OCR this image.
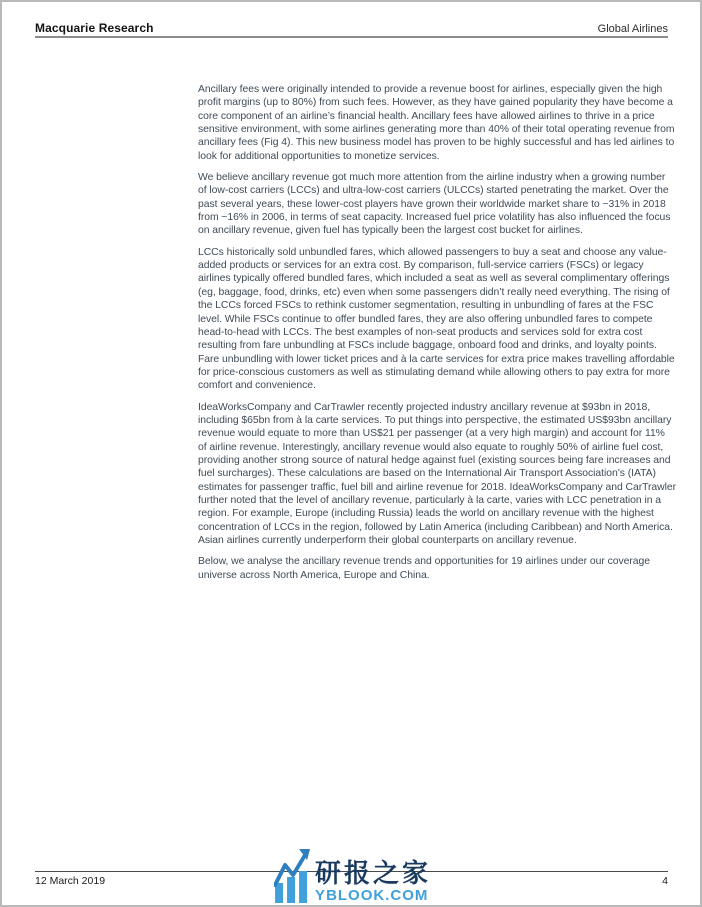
Macquarie Research	Global Airlines

Ancillary fees were originally intended to provide a revenue boost for airlines, especially given the high profit margins (up to 80%) from such fees. However, as they have gained popularity they have become a core component of an airline’s financial health. Ancillary fees have allowed airlines to thrive in a price sensitive environment, with some airlines generating more than 40% of their total operating revenue from ancillary fees (Fig 4). This new business model has proven to be highly successful and has led airlines to look for additional opportunities to monetize services.

We believe ancillary revenue got much more attention from the airline industry when a growing number of low-cost carriers (LCCs) and ultra-low-cost carriers (ULCCs) started penetrating the market. Over the past several years, these lower-cost players have grown their worldwide market share to ~31% in 2018 from ~16% in 2006, in terms of seat capacity. Increased fuel price volatility has also influenced the focus on ancillary revenue, given fuel has typically been the largest cost bucket for airlines.

LCCs historically sold unbundled fares, which allowed passengers to buy a seat and choose any value-added products or services for an extra cost. By comparison, full-service carriers (FSCs) or legacy airlines typically offered bundled fares, which included a seat as well as several complimentary offerings (eg, baggage, food, drinks, etc) even when some passengers didn’t really need everything. The rising of the LCCs forced FSCs to rethink customer segmentation, resulting in unbundling of fares at the FSC level. While FSCs continue to offer bundled fares, they are also offering unbundled fares to compete head-to-head with LCCs. The best examples of non-seat products and services sold for extra cost resulting from fare unbundling at FSCs include baggage, onboard food and drinks, and loyalty points. Fare unbundling with lower ticket prices and à la carte services for extra price makes travelling affordable for price-conscious customers as well as stimulating demand while allowing others to pay extra for more comfort and convenience.

IdeaWorksCompany and CarTrawler recently projected industry ancillary revenue at $93bn in 2018, including $65bn from à la carte services. To put things into perspective, the estimated US$93bn ancillary revenue would equate to more than US$21 per passenger (at a very high margin) and account for 11% of airline revenue. Interestingly, ancillary revenue would also equate to roughly 50% of airline fuel cost, providing another strong source of natural hedge against fuel (existing sources being fare increases and fuel surcharges). These calculations are based on the International Air Transport Association’s (IATA) estimates for passenger traffic, fuel bill and airline revenue for 2018. IdeaWorksCompany and CarTrawler further noted that the level of ancillary revenue, particularly à la carte, varies with LCC penetration in a region. For example, Europe (including Russia) leads the world on ancillary revenue with the highest concentration of LCCs in the region, followed by Latin America (including Caribbean) and North America. Asian airlines currently underperform their global counterparts on ancillary revenue.

Below, we analyse the ancillary revenue trends and opportunities for 19 airlines under our coverage universe across North America, Europe and China.

12 March 2019	4
研报之家
YBLOOK.COM
